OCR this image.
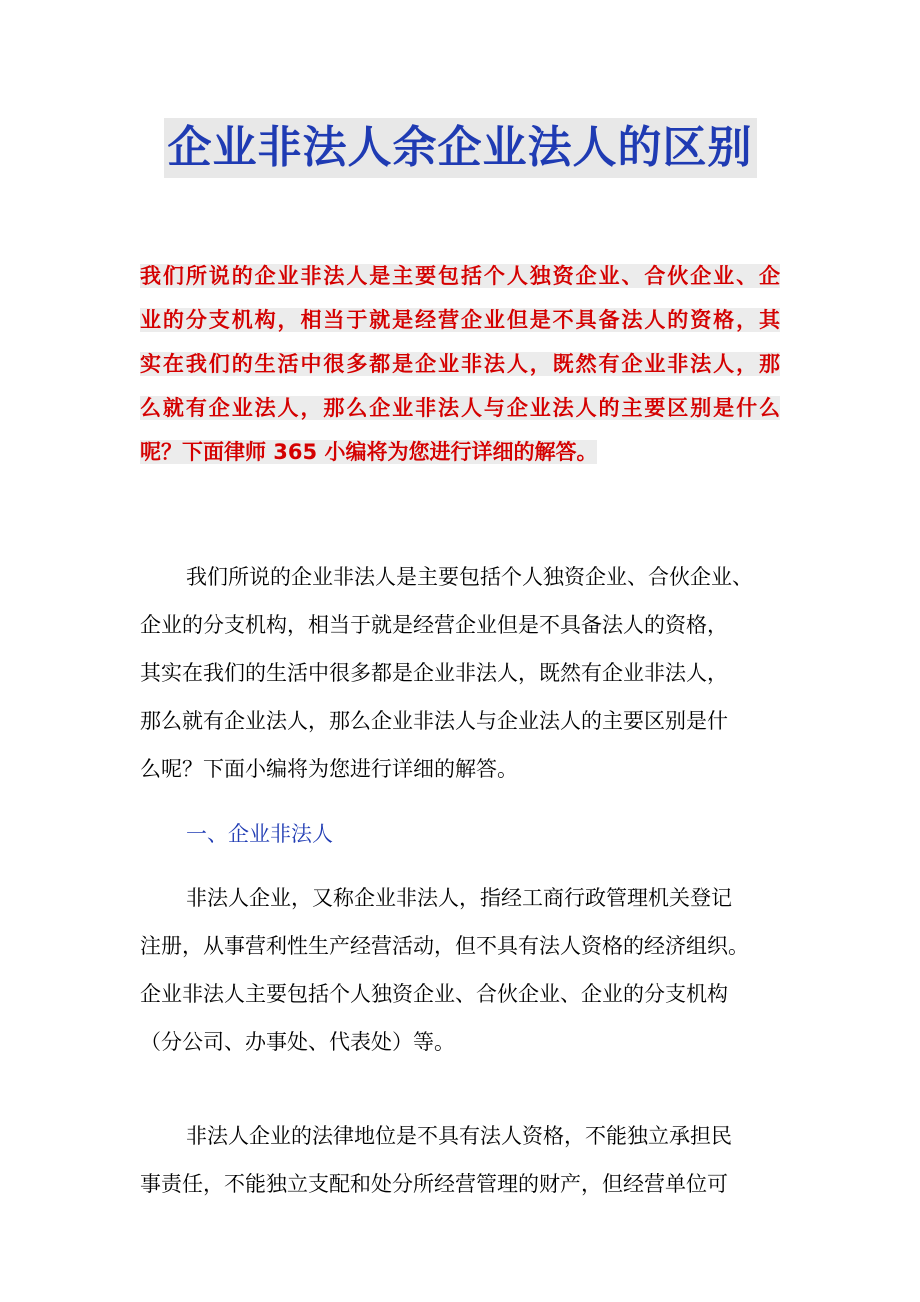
企业非法人余企业法人的区别
我们所说的企业非法人是主要包括个人独资企业、合伙企业、企
业的分支机构，相当于就是经营企业但是不具备法人的资格，其
实在我们的生活中很多都是企业非法人，既然有企业非法人，那
么就有企业法人，那么企业非法人与企业法人的主要区别是什么
呢？下面律师 365 小编将为您进行详细的解答。
我们所说的企业非法人是主要包括个人独资企业、合伙企业、
企业的分支机构，相当于就是经营企业但是不具备法人的资格，
其实在我们的生活中很多都是企业非法人，既然有企业非法人，
那么就有企业法人，那么企业非法人与企业法人的主要区别是什
么呢？下面小编将为您进行详细的解答。
一、企业非法人
非法人企业，又称企业非法人，指经工商行政管理机关登记
注册，从事营利性生产经营活动，但不具有法人资格的经济组织。
企业非法人主要包括个人独资企业、合伙企业、企业的分支机构
（分公司、办事处、代表处）等。
非法人企业的法律地位是不具有法人资格，不能独立承担民
事责任，不能独立支配和处分所经营管理的财产，但经营单位可
